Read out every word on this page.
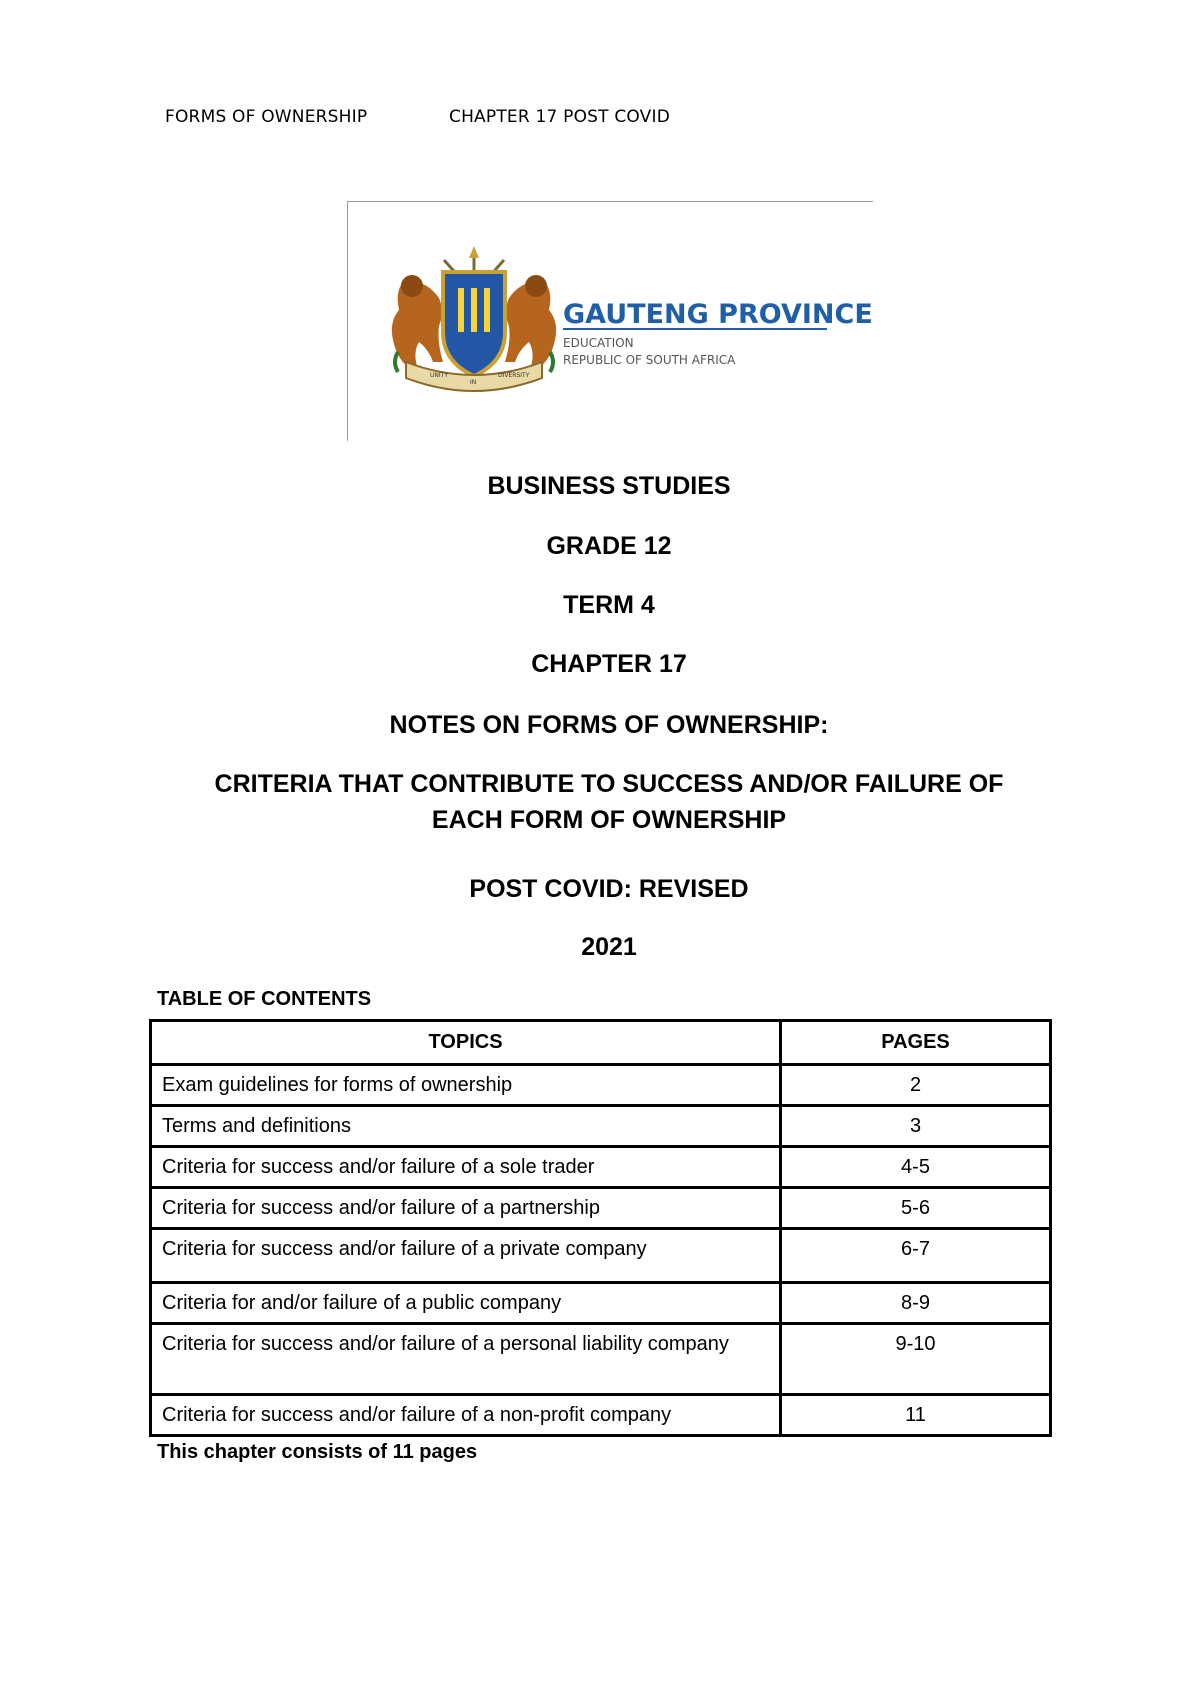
FORMS OF OWNERSHIP	CHAPTER 17 POST COVID
UNITY
IN
DIVERSITY
GAUTENG PROVINCE
EDUCATION
REPUBLIC OF SOUTH AFRICA
BUSINESS STUDIES
GRADE 12
TERM 4
CHAPTER 17
NOTES ON FORMS OF OWNERSHIP:
CRITERIA THAT CONTRIBUTE TO SUCCESS AND/OR FAILURE OF
EACH FORM OF OWNERSHIP
POST COVID: REVISED
2021
TABLE OF CONTENTS
TOPICS	PAGES
Exam guidelines for forms of ownership	2
Terms and definitions	3
Criteria for success and/or failure of a sole trader	4-5
Criteria for success and/or failure of a partnership	5-6
Criteria for success and/or failure of a private company	6-7
Criteria for and/or failure of a public company	8-9
Criteria for success and/or failure of a personal liability company	9-10
Criteria for success and/or failure of a non-profit company	11
This chapter consists of 11 pages
